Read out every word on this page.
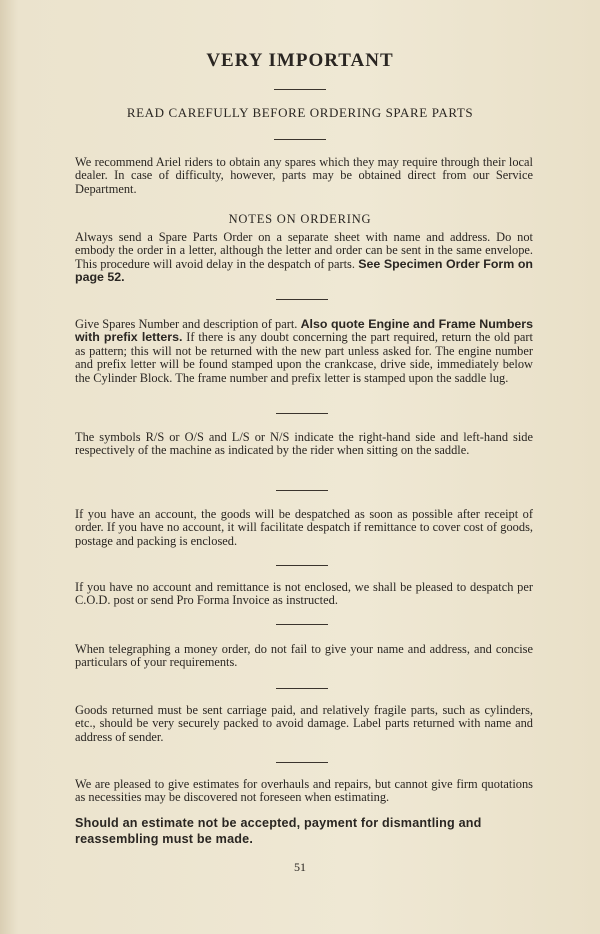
VERY IMPORTANT
READ CAREFULLY BEFORE ORDERING SPARE PARTS
We recommend Ariel riders to obtain any spares which they may require through their local dealer. In case of difficulty, however, parts may be obtained direct from our Service Department.
NOTES ON ORDERING
Always send a Spare Parts Order on a separate sheet with name and address. Do not embody the order in a letter, although the letter and order can be sent in the same envelope. This procedure will avoid delay in the despatch of parts. See Specimen Order Form on page 52.
Give Spares Number and description of part. Also quote Engine and Frame Numbers with prefix letters. If there is any doubt concerning the part required, return the old part as pattern; this will not be returned with the new part unless asked for. The engine number and prefix letter will be found stamped upon the crankcase, drive side, immediately below the Cylinder Block. The frame number and prefix letter is stamped upon the saddle lug.
The symbols R/S or O/S and L/S or N/S indicate the right-hand side and left-hand side respectively of the machine as indicated by the rider when sitting on the saddle.
If you have an account, the goods will be despatched as soon as possible after receipt of order. If you have no account, it will facilitate despatch if remittance to cover cost of goods, postage and packing is enclosed.
If you have no account and remittance is not enclosed, we shall be pleased to despatch per C.O.D. post or send Pro Forma Invoice as instructed.
When telegraphing a money order, do not fail to give your name and address, and concise particulars of your requirements.
Goods returned must be sent carriage paid, and relatively fragile parts, such as cylinders, etc., should be very securely packed to avoid damage. Label parts returned with name and address of sender.
We are pleased to give estimates for overhauls and repairs, but cannot give firm quotations as necessities may be discovered not foreseen when estimating.
Should an estimate not be accepted, payment for dismantling and reassembling must be made.
51
